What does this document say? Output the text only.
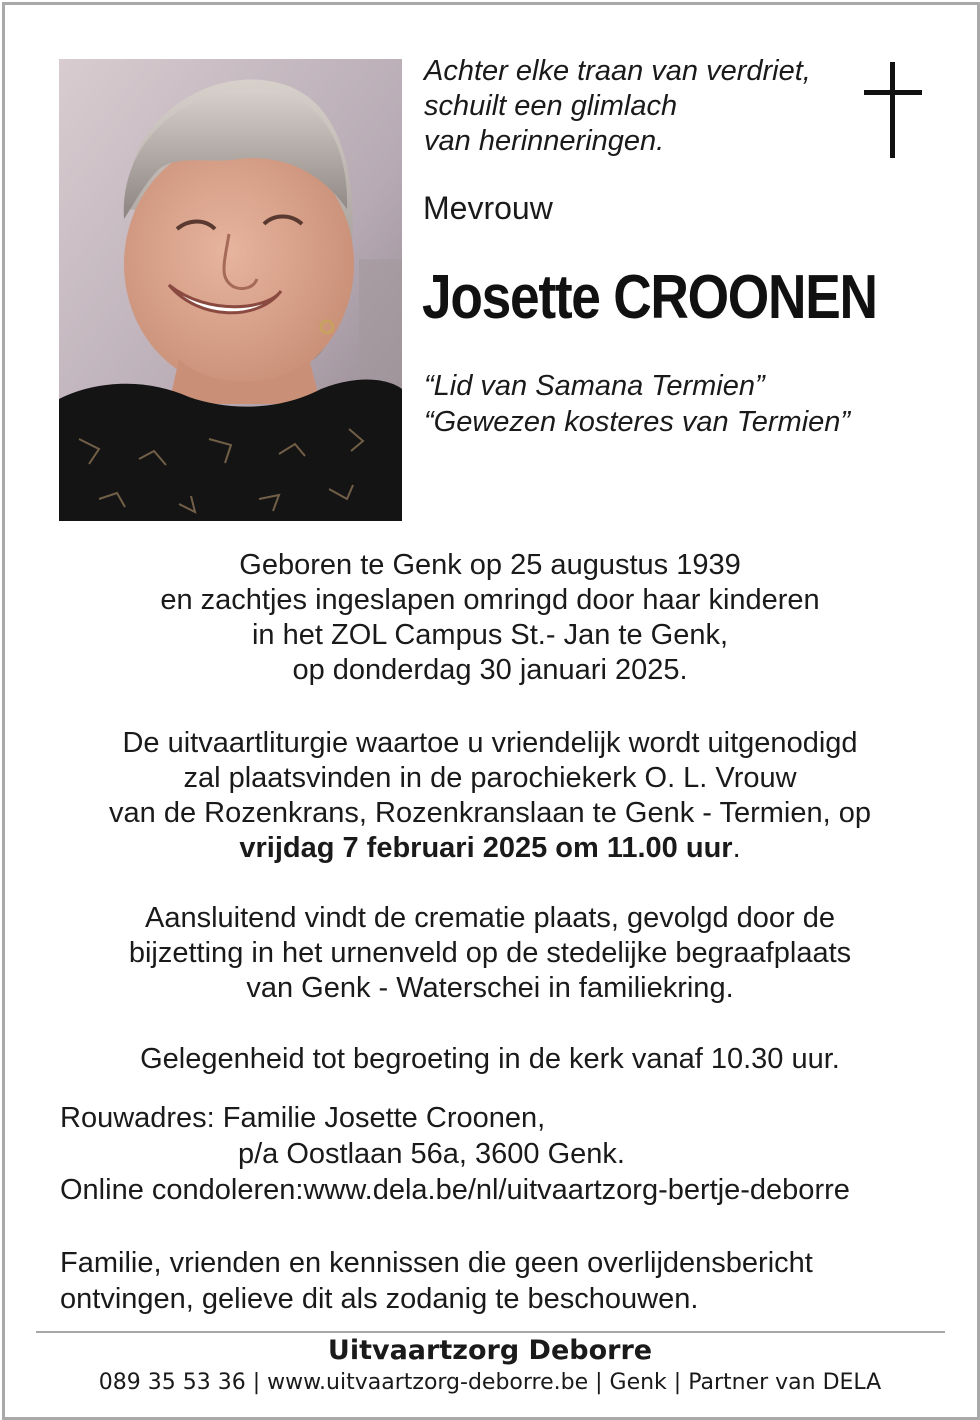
Achter elke traan van verdriet,
schuilt een glimlach
van herinneringen.
Mevrouw
Josette CROONEN
“Lid van Samana Termien”
“Gewezen kosteres van Termien”
Geboren te Genk op 25 augustus 1939
en zachtjes ingeslapen omringd door haar kinderen
in het ZOL Campus St.- Jan te Genk,
op donderdag 30 januari 2025.
De uitvaartliturgie waartoe u vriendelijk wordt uitgenodigd
zal plaatsvinden in de parochiekerk O. L. Vrouw
van de Rozenkrans, Rozenkranslaan te Genk - Termien, op
vrijdag 7 februari 2025 om 11.00 uur.
Aansluitend vindt de crematie plaats, gevolgd door de
bijzetting in het urnenveld op de stedelijke begraafplaats
van Genk - Waterschei in familiekring.
Gelegenheid tot begroeting in de kerk vanaf 10.30 uur.
Rouwadres: Familie Josette Croonen,
p/a Oostlaan 56a, 3600 Genk.
Online condoleren:www.dela.be/nl/uitvaartzorg-bertje-deborre
Familie, vrienden en kennissen die geen overlijdensbericht
ontvingen, gelieve dit als zodanig te beschouwen.
Uitvaartzorg Deborre
089 35 53 36 | www.uitvaartzorg-deborre.be | Genk | Partner van DELA
